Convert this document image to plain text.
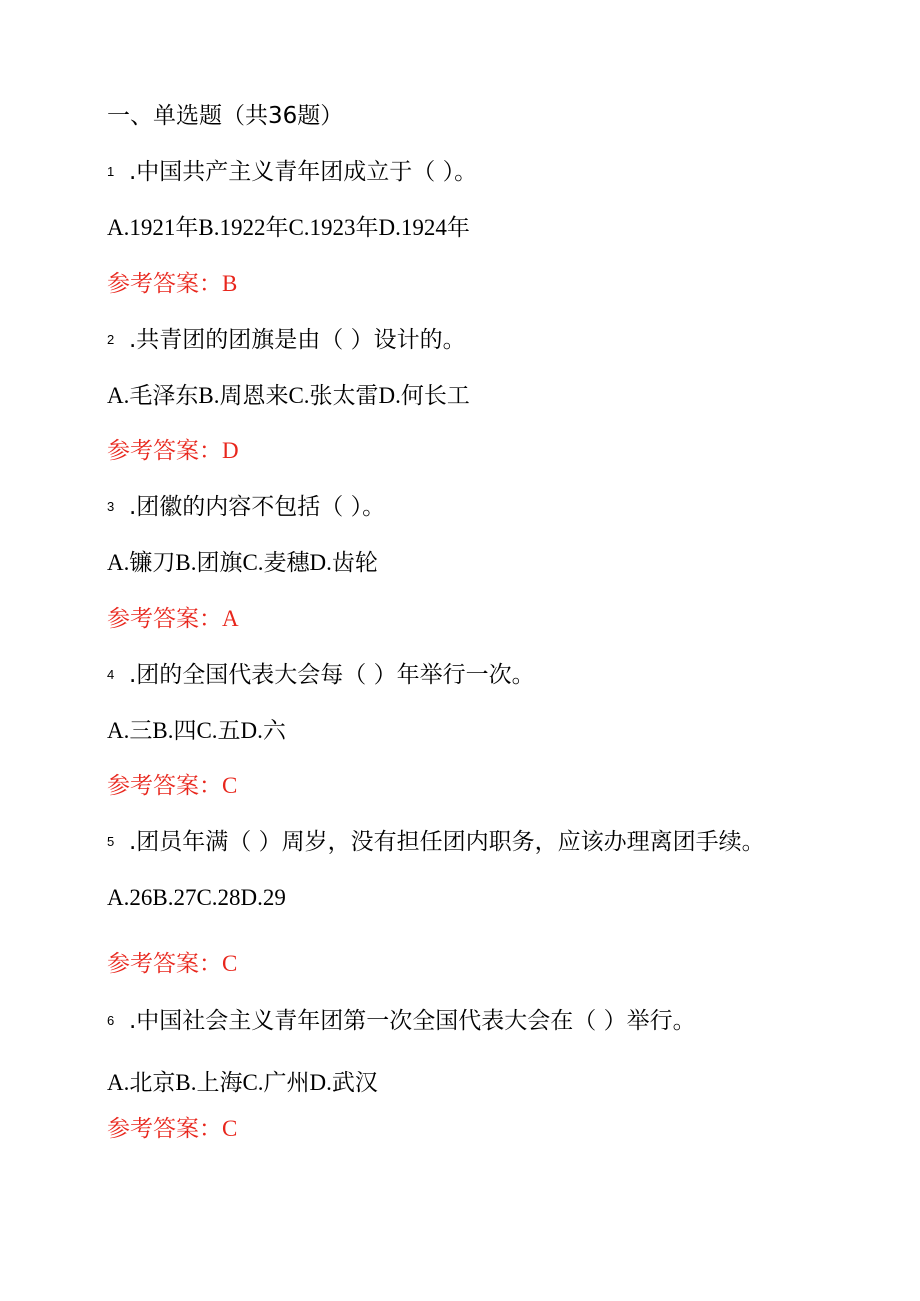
一、单选题（共36题）
1 .中国共产主义青年团成立于（ ）。
A.1921年B.1922年C.1923年D.1924年
参考答案：B
2 .共青团的团旗是由（ ）设计的。
A.毛泽东B.周恩来C.张太雷D.何长工
参考答案：D
3 .团徽的内容不包括（ ）。
A.镰刀B.团旗C.麦穗D.齿轮
参考答案：A
4 .团的全国代表大会每（ ）年举行一次。
A.三B.四C.五D.六
参考答案：C
5 .团员年满（ ）周岁，没有担任团内职务，应该办理离团手续。
A.26B.27C.28D.29
参考答案：C
6 .中国社会主义青年团第一次全国代表大会在（ ）举行。
A.北京B.上海C.广州D.武汉
参考答案：C
